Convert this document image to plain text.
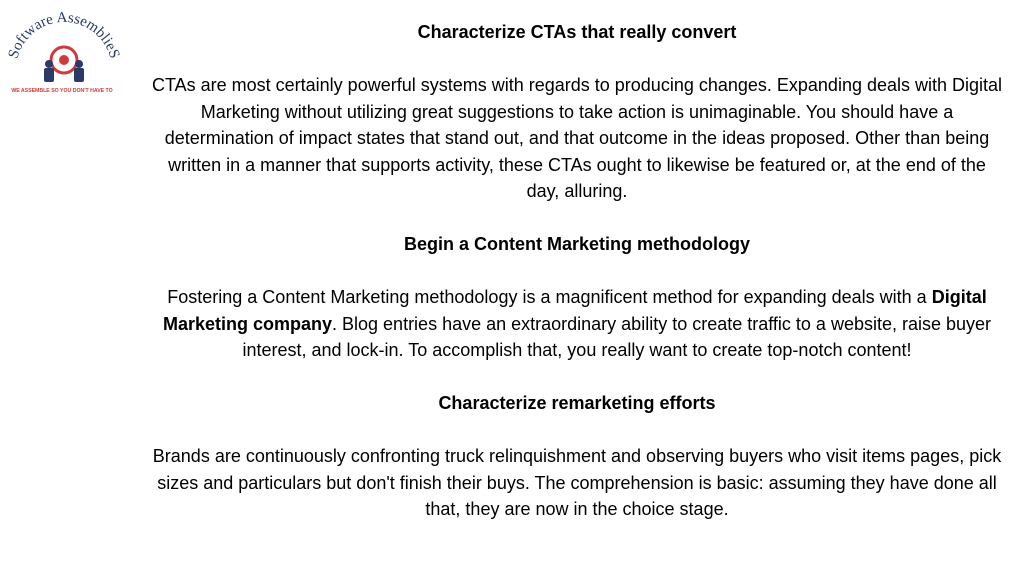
Software AssembliеS
WE ASSEMBLE SO YOU DON'T HAVE TO
Characterize CTAs that really convert

CTAs are most certainly powerful systems with regards to producing changes. Expanding deals with Digital Marketing without utilizing great suggestions to take action is unimaginable. You should have a determination of impact states that stand out, and that outcome in the ideas proposed. Other than being written in a manner that supports activity, these CTAs ought to likewise be featured or, at the end of the day, alluring.

Begin a Content Marketing methodology

Fostering a Content Marketing methodology is a magnificent method for expanding deals with a Digital Marketing company. Blog entries have an extraordinary ability to create traffic to a website, raise buyer interest, and lock-in. To accomplish that, you really want to create top-notch content!

Characterize remarketing efforts

Brands are continuously confronting truck relinquishment and observing buyers who visit items pages, pick sizes and particulars but don't finish their buys. The comprehension is basic: assuming they have done all that, they are now in the choice stage.
